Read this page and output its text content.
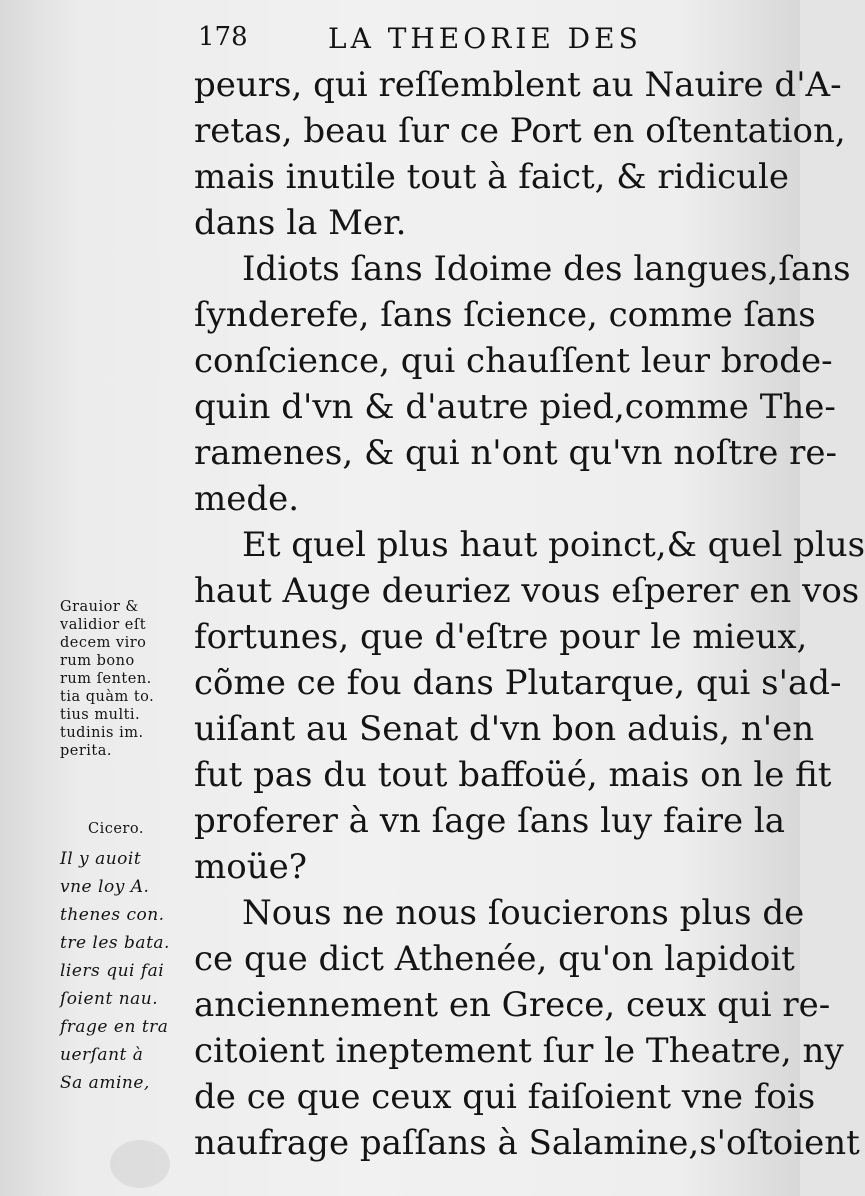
178	LA THEORIE DES
peurs, qui reſſemblent au Nauire d'A-
retas, beau ſur ce Port en oſtentation,
mais inutile tout à faict, & ridicule
dans la Mer.
Idiots ſans Idoime des langues,ſans
ſynderefe, ſans ſcience, comme ſans
conſcience, qui chauſſent leur brode-
quin d'vn & d'autre pied,comme The-
ramenes, & qui n'ont qu'vn noſtre re-
mede.
Et quel plus haut poinct,& quel plus
haut Auge deuriez vous eſperer en vos
fortunes, que d'eſtre pour le mieux,
cõme ce fou dans Plutarque, qui s'ad-
uiſant au Senat d'vn bon aduis, n'en
fut pas du tout baffoüé, mais on le fit
proferer à vn ſage ſans luy faire la
moüe?
Nous ne nous ſoucierons plus de
ce que dict Athenée, qu'on lapidoit
anciennement en Grece, ceux qui re-
citoient ineptement ſur le Theatre, ny
de ce que ceux qui faiſoient vne fois
naufrage paſſans à Salamine,s'oſtoient
Grauior &
validior eſt
decem viro
rum bono
rum ſenten.
tia quàm to.
tius multi.
tudinis im.
perita.
Cicero.
Il y auoit
vne loy A.
thenes con.
tre les bata.
liers qui fai
ſoient nau.
frage en tra
uerſant à
Sa amine,
